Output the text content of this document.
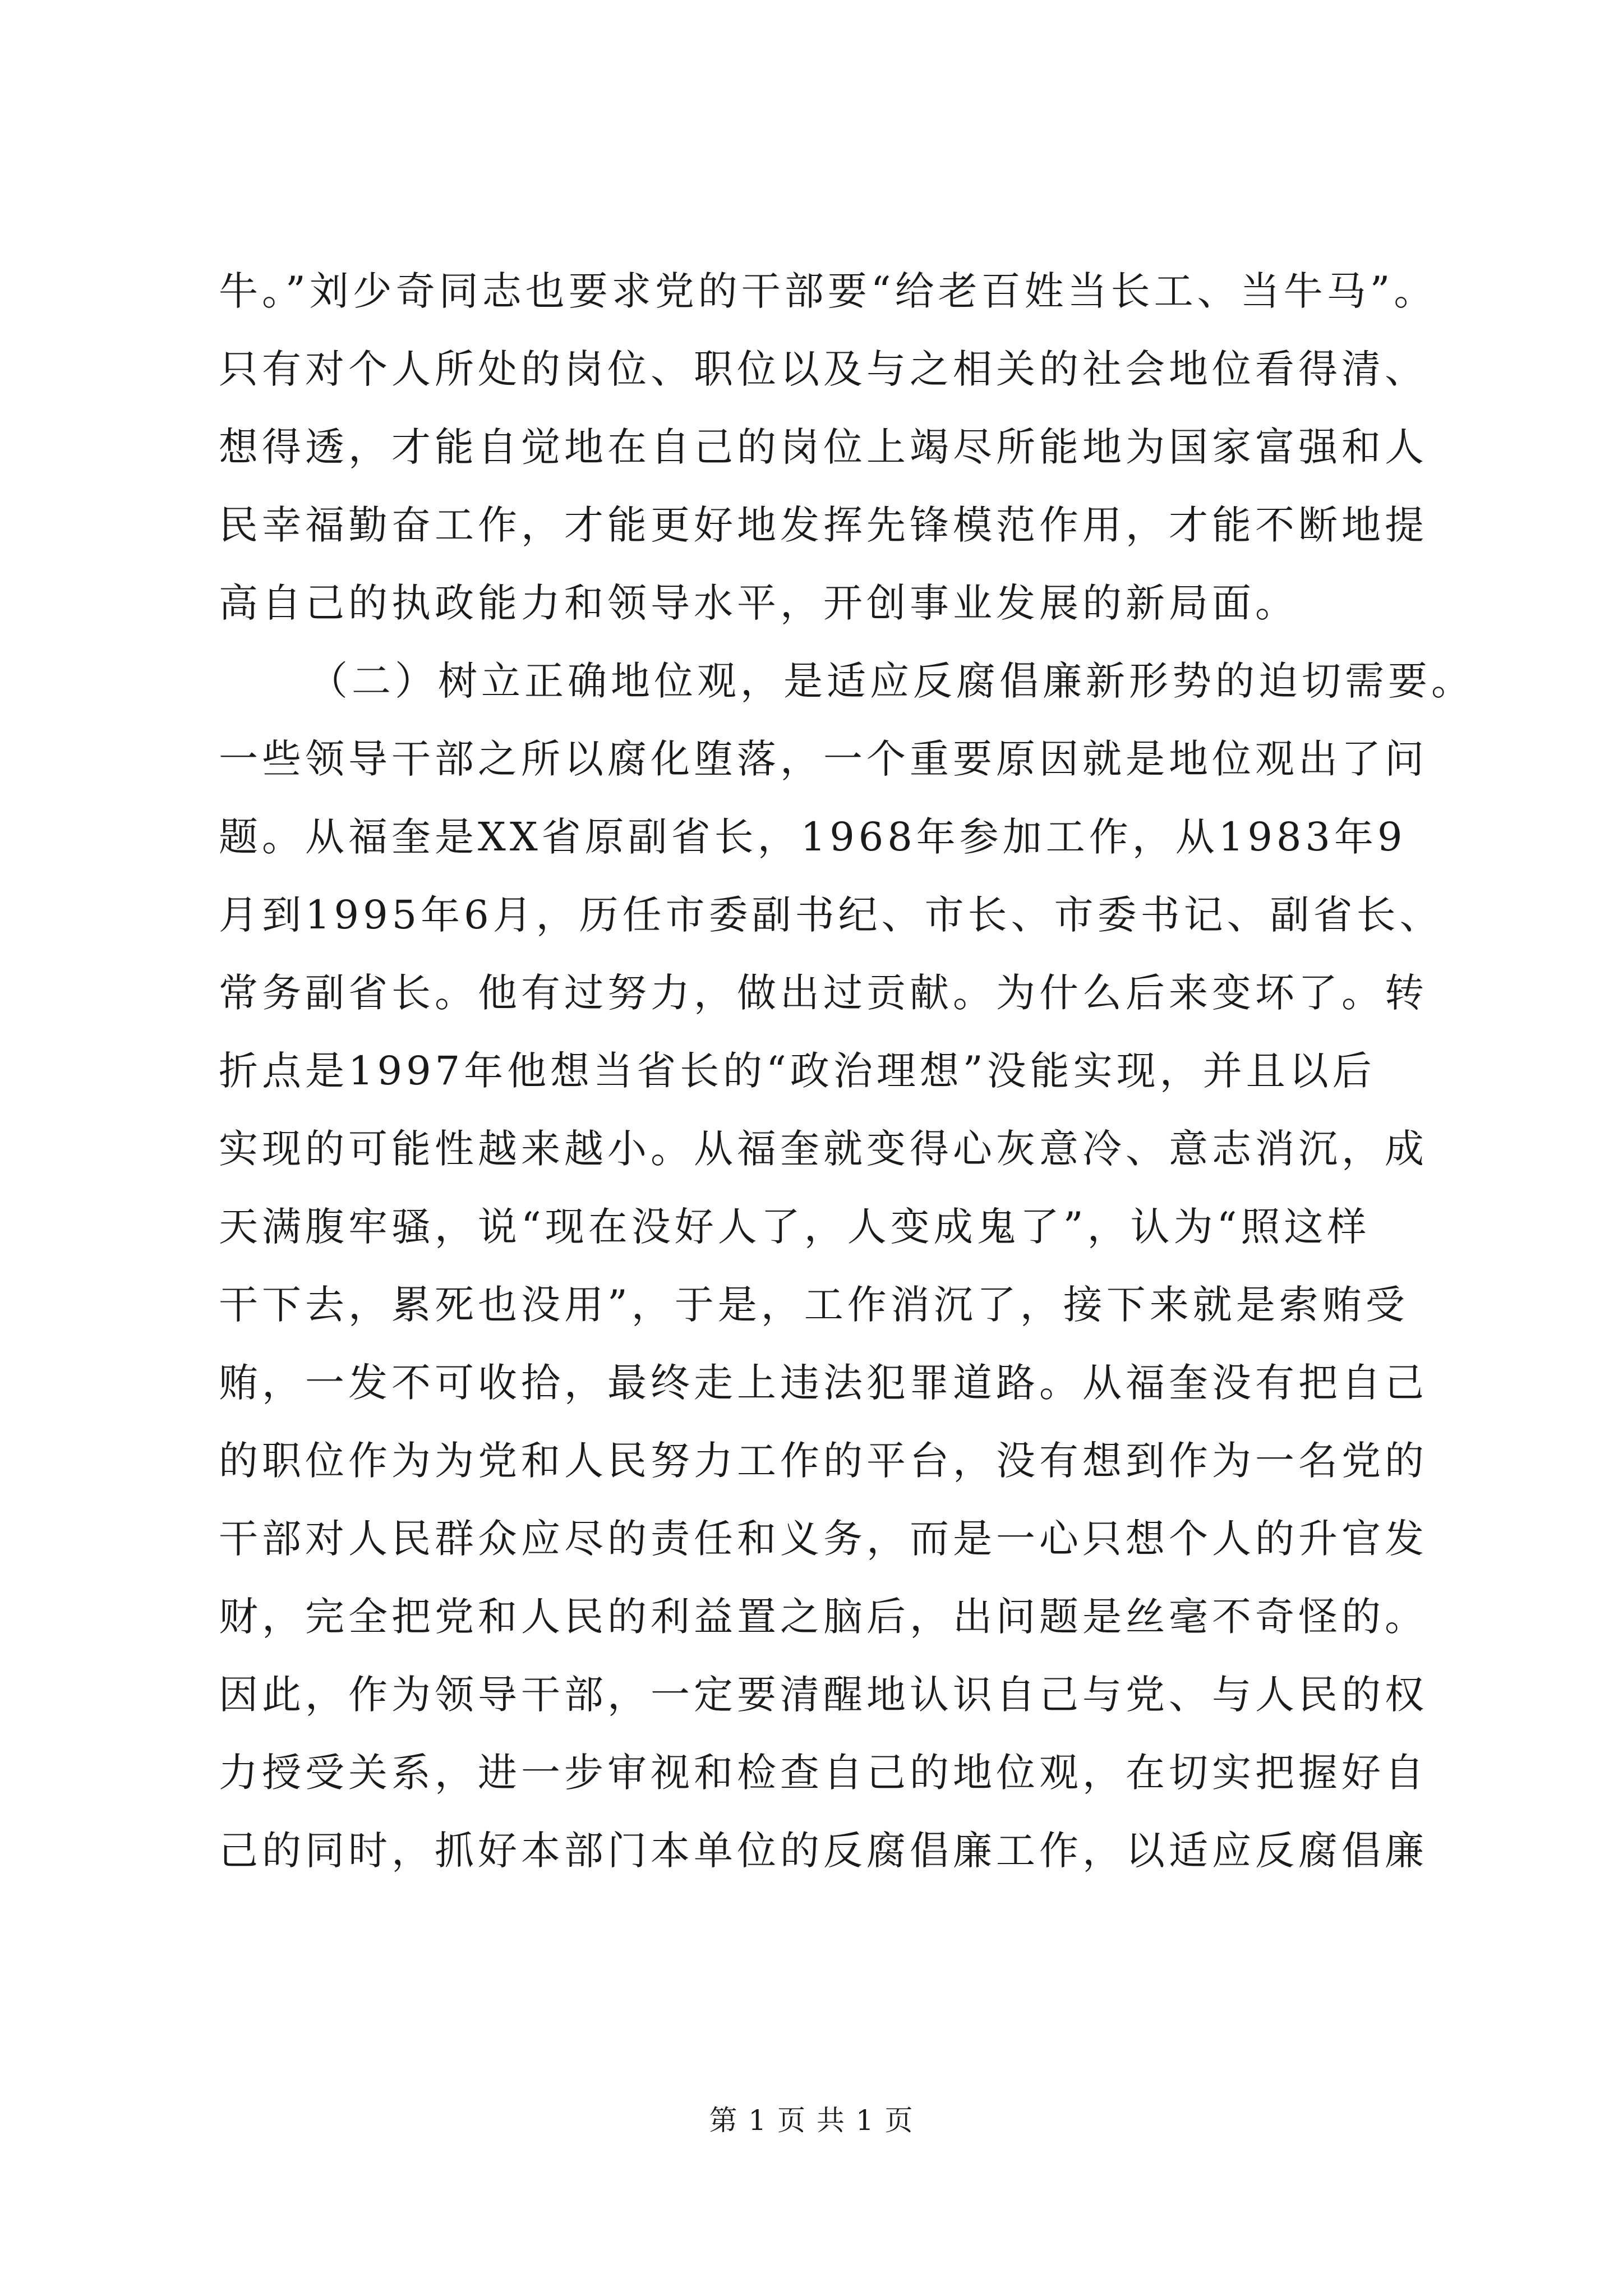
牛。”刘少奇同志也要求党的干部要“给老百姓当长工、当牛马”。
只有对个人所处的岗位、职位以及与之相关的社会地位看得清、
想得透，才能自觉地在自己的岗位上竭尽所能地为国家富强和人
民幸福勤奋工作，才能更好地发挥先锋模范作用，才能不断地提
高自己的执政能力和领导水平，开创事业发展的新局面。
（二）树立正确地位观，是适应反腐倡廉新形势的迫切需要。
一些领导干部之所以腐化堕落，一个重要原因就是地位观出了问
题。从福奎是XX省原副省长，1968年参加工作，从1983年9
月到1995年6月，历任市委副书纪、市长、市委书记、副省长、
常务副省长。他有过努力，做出过贡献。为什么后来变坏了。转
折点是1997年他想当省长的“政治理想”没能实现，并且以后
实现的可能性越来越小。从福奎就变得心灰意冷、意志消沉，成
天满腹牢骚，说“现在没好人了，人变成鬼了”，认为“照这样
干下去，累死也没用”，于是，工作消沉了，接下来就是索贿受
贿，一发不可收拾，最终走上违法犯罪道路。从福奎没有把自己
的职位作为为党和人民努力工作的平台，没有想到作为一名党的
干部对人民群众应尽的责任和义务，而是一心只想个人的升官发
财，完全把党和人民的利益置之脑后，出问题是丝毫不奇怪的。
因此，作为领导干部，一定要清醒地认识自己与党、与人民的权
力授受关系，进一步审视和检查自己的地位观，在切实把握好自
己的同时，抓好本部门本单位的反腐倡廉工作，以适应反腐倡廉
第 1 页 共 1 页
